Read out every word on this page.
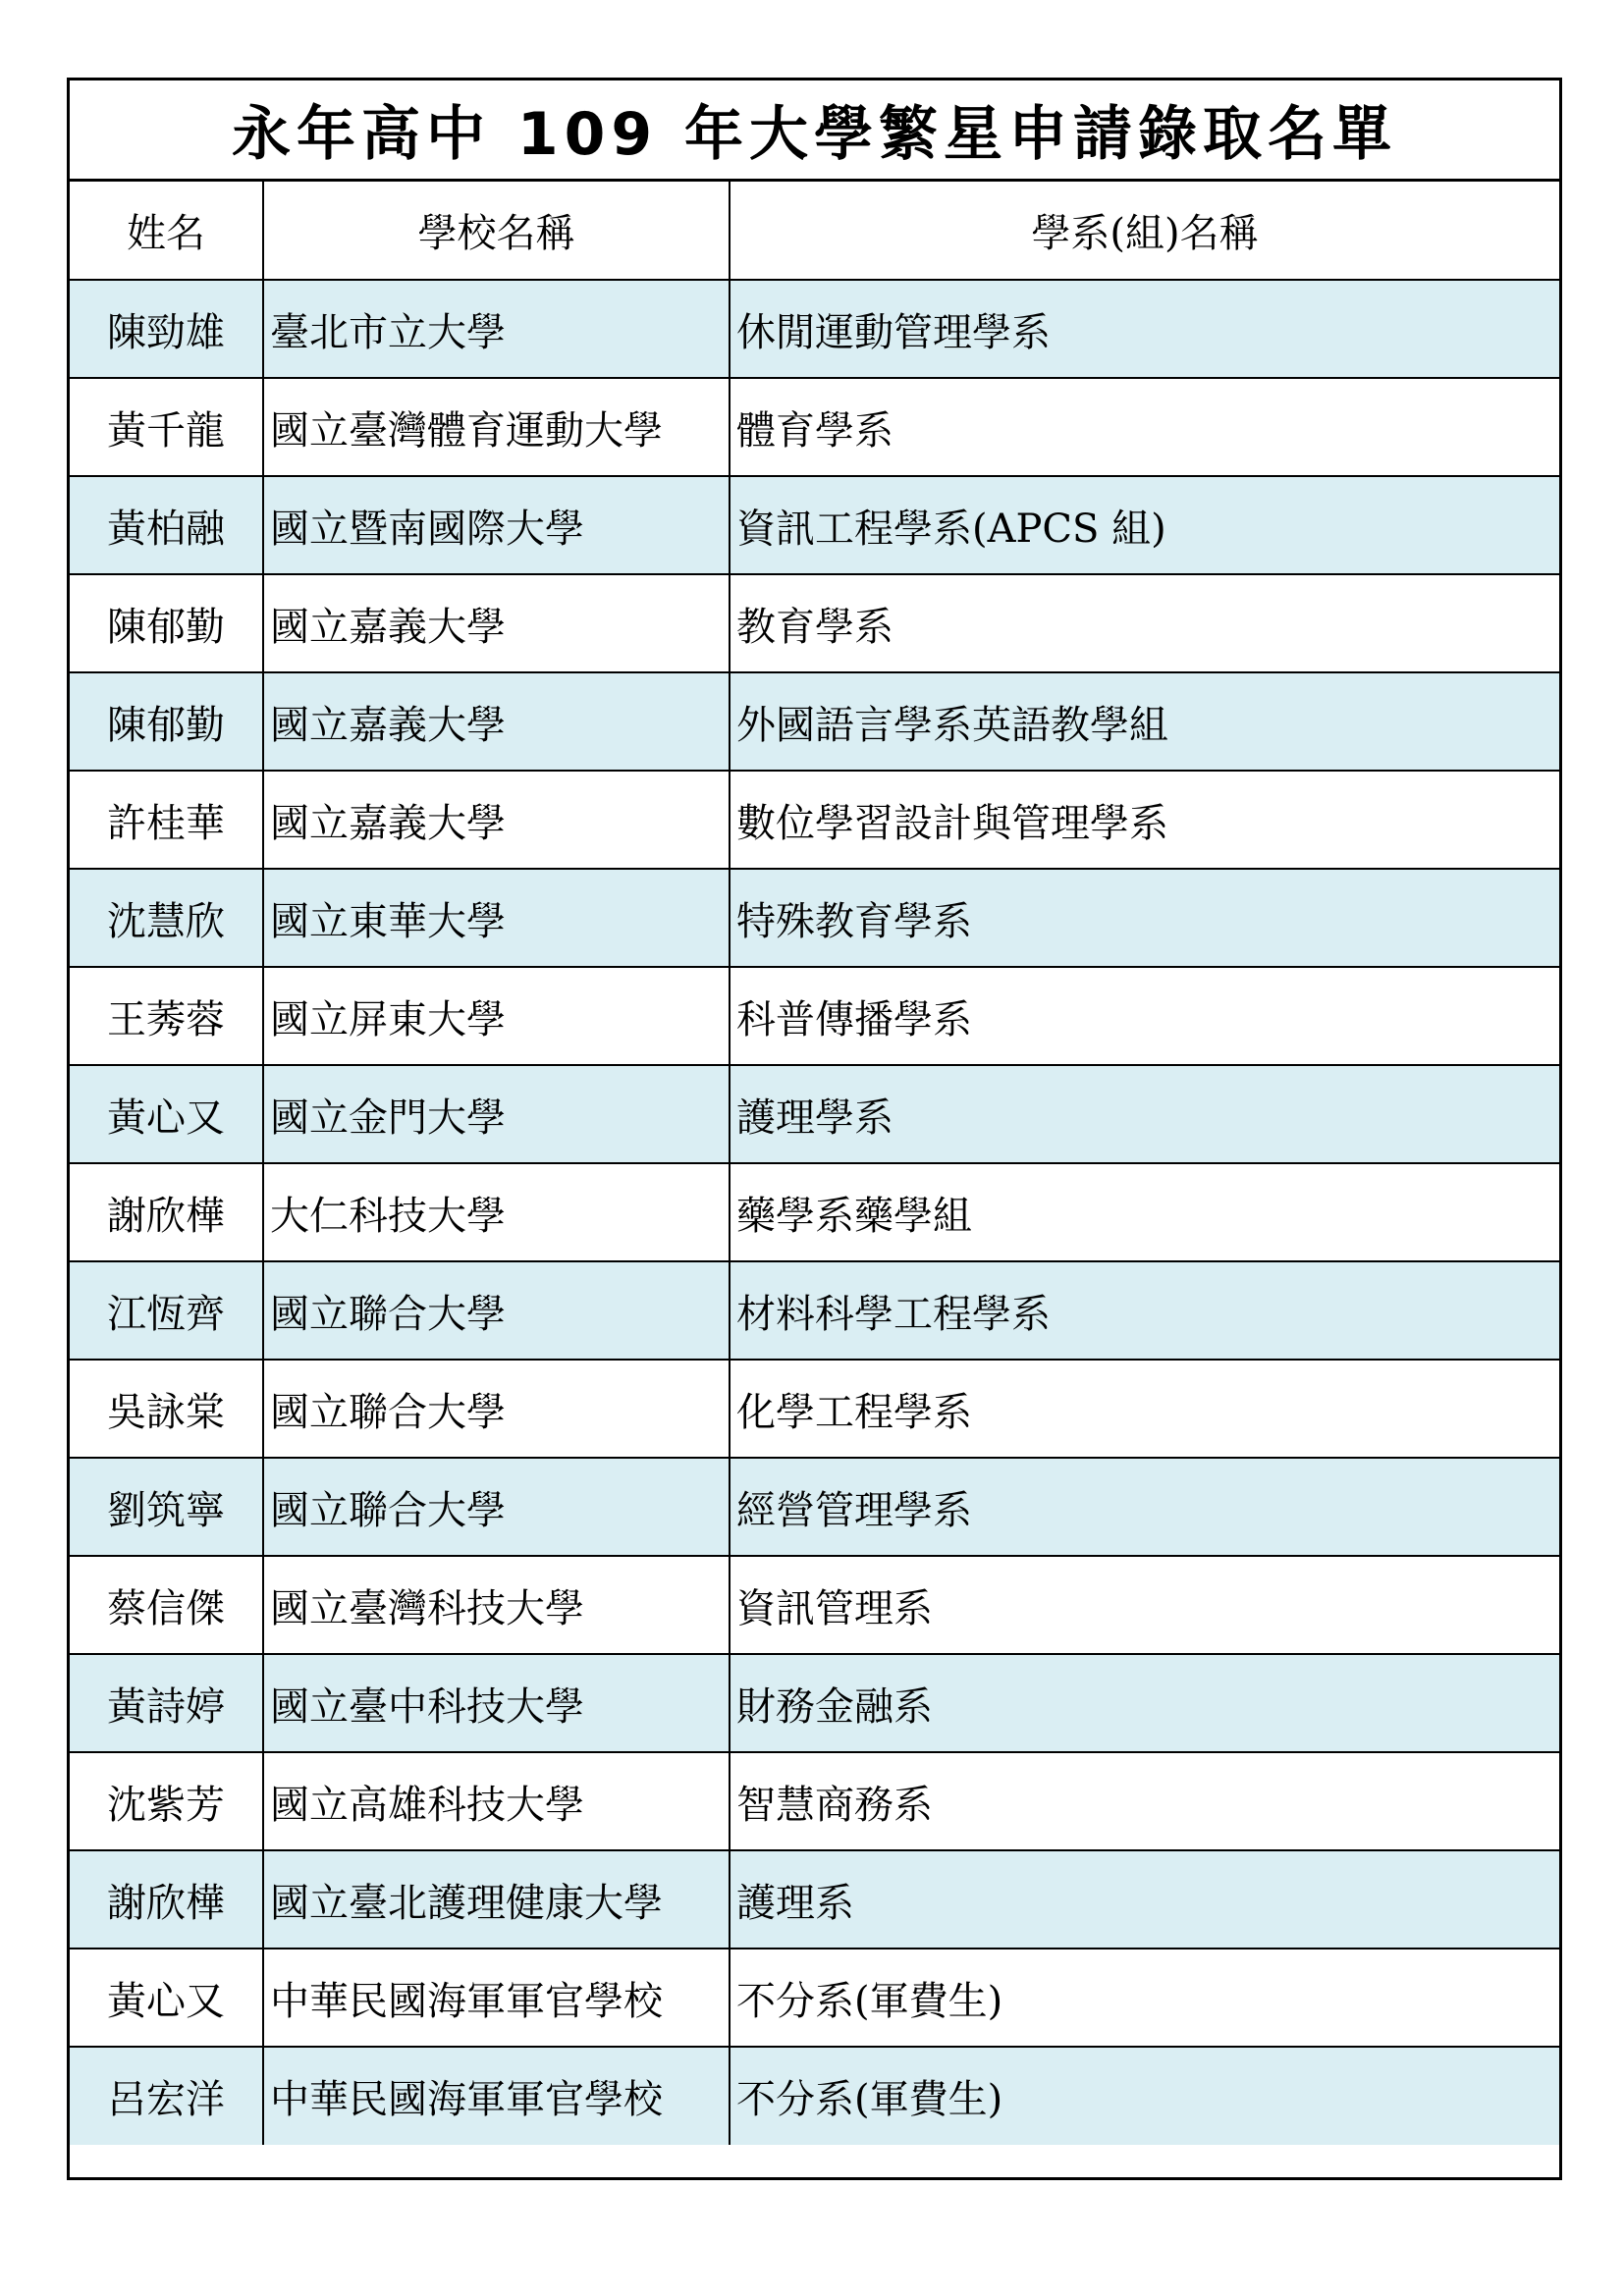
永年高中 109 年大學繁星申請錄取名單
姓名	學校名稱	學系(組)名稱
陳勁雄	臺北市立大學	休閒運動管理學系
黃千龍	國立臺灣體育運動大學	體育學系
黃柏融	國立暨南國際大學	資訊工程學系(APCS 組)
陳郁勤	國立嘉義大學	教育學系
陳郁勤	國立嘉義大學	外國語言學系英語教學組
許桂華	國立嘉義大學	數位學習設計與管理學系
沈慧欣	國立東華大學	特殊教育學系
王莠蓉	國立屏東大學	科普傳播學系
黃心又	國立金門大學	護理學系
謝欣樺	大仁科技大學	藥學系藥學組
江恆齊	國立聯合大學	材料科學工程學系
吳詠棠	國立聯合大學	化學工程學系
劉筑寧	國立聯合大學	經營管理學系
蔡信傑	國立臺灣科技大學	資訊管理系
黃詩婷	國立臺中科技大學	財務金融系
沈紫芳	國立高雄科技大學	智慧商務系
謝欣樺	國立臺北護理健康大學	護理系
黃心又	中華民國海軍軍官學校	不分系(軍費生)
呂宏洋	中華民國海軍軍官學校	不分系(軍費生)
